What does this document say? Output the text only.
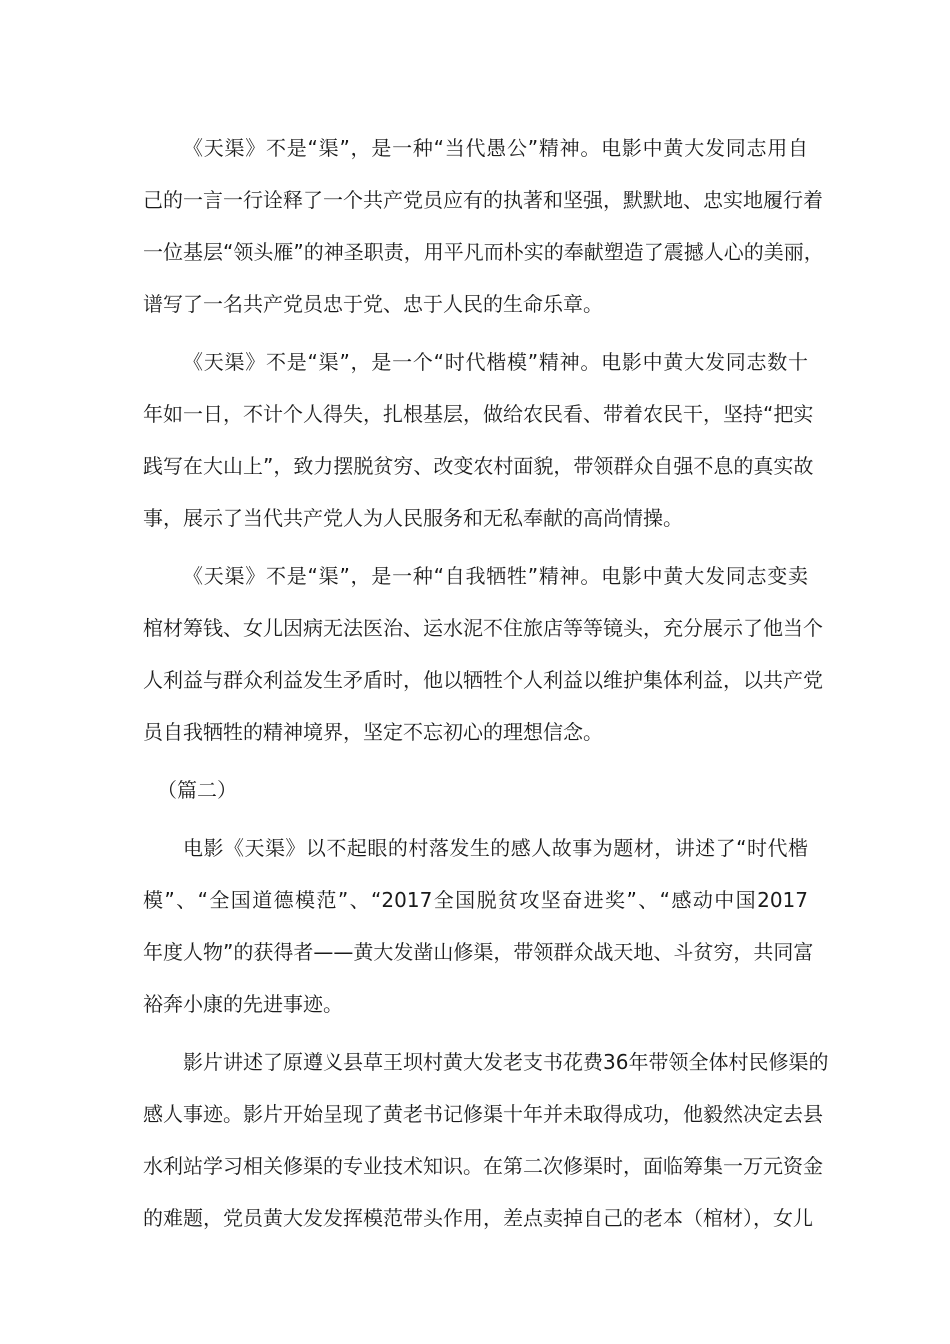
《天渠》不是“渠”，是一种“当代愚公”精神。电影中黄大发同志用自
己的一言一行诠释了一个共产党员应有的执著和坚强，默默地、忠实地履行着
一位基层“领头雁”的神圣职责，用平凡而朴实的奉献塑造了震撼人心的美丽，
谱写了一名共产党员忠于党、忠于人民的生命乐章。
《天渠》不是“渠”，是一个“时代楷模”精神。电影中黄大发同志数十
年如一日，不计个人得失，扎根基层，做给农民看、带着农民干，坚持“把实
践写在大山上”，致力摆脱贫穷、改变农村面貌，带领群众自强不息的真实故
事，展示了当代共产党人为人民服务和无私奉献的高尚情操。
《天渠》不是“渠”，是一种“自我牺牲”精神。电影中黄大发同志变卖
棺材筹钱、女儿因病无法医治、运水泥不住旅店等等镜头，充分展示了他当个
人利益与群众利益发生矛盾时，他以牺牲个人利益以维护集体利益，以共产党
员自我牺牲的精神境界，坚定不忘初心的理想信念。
（篇二）
电影《天渠》以不起眼的村落发生的感人故事为题材，讲述了“时代楷
模”、“全国道德模范”、“2017全国脱贫攻坚奋进奖”、“感动中国2017
年度人物”的获得者——黄大发凿山修渠，带领群众战天地、斗贫穷，共同富
裕奔小康的先进事迹。
影片讲述了原遵义县草王坝村黄大发老支书花费36年带领全体村民修渠的
感人事迹。影片开始呈现了黄老书记修渠十年并未取得成功，他毅然决定去县
水利站学习相关修渠的专业技术知识。在第二次修渠时，面临筹集一万元资金
的难题，党员黄大发发挥模范带头作用，差点卖掉自己的老本（棺材），女儿
